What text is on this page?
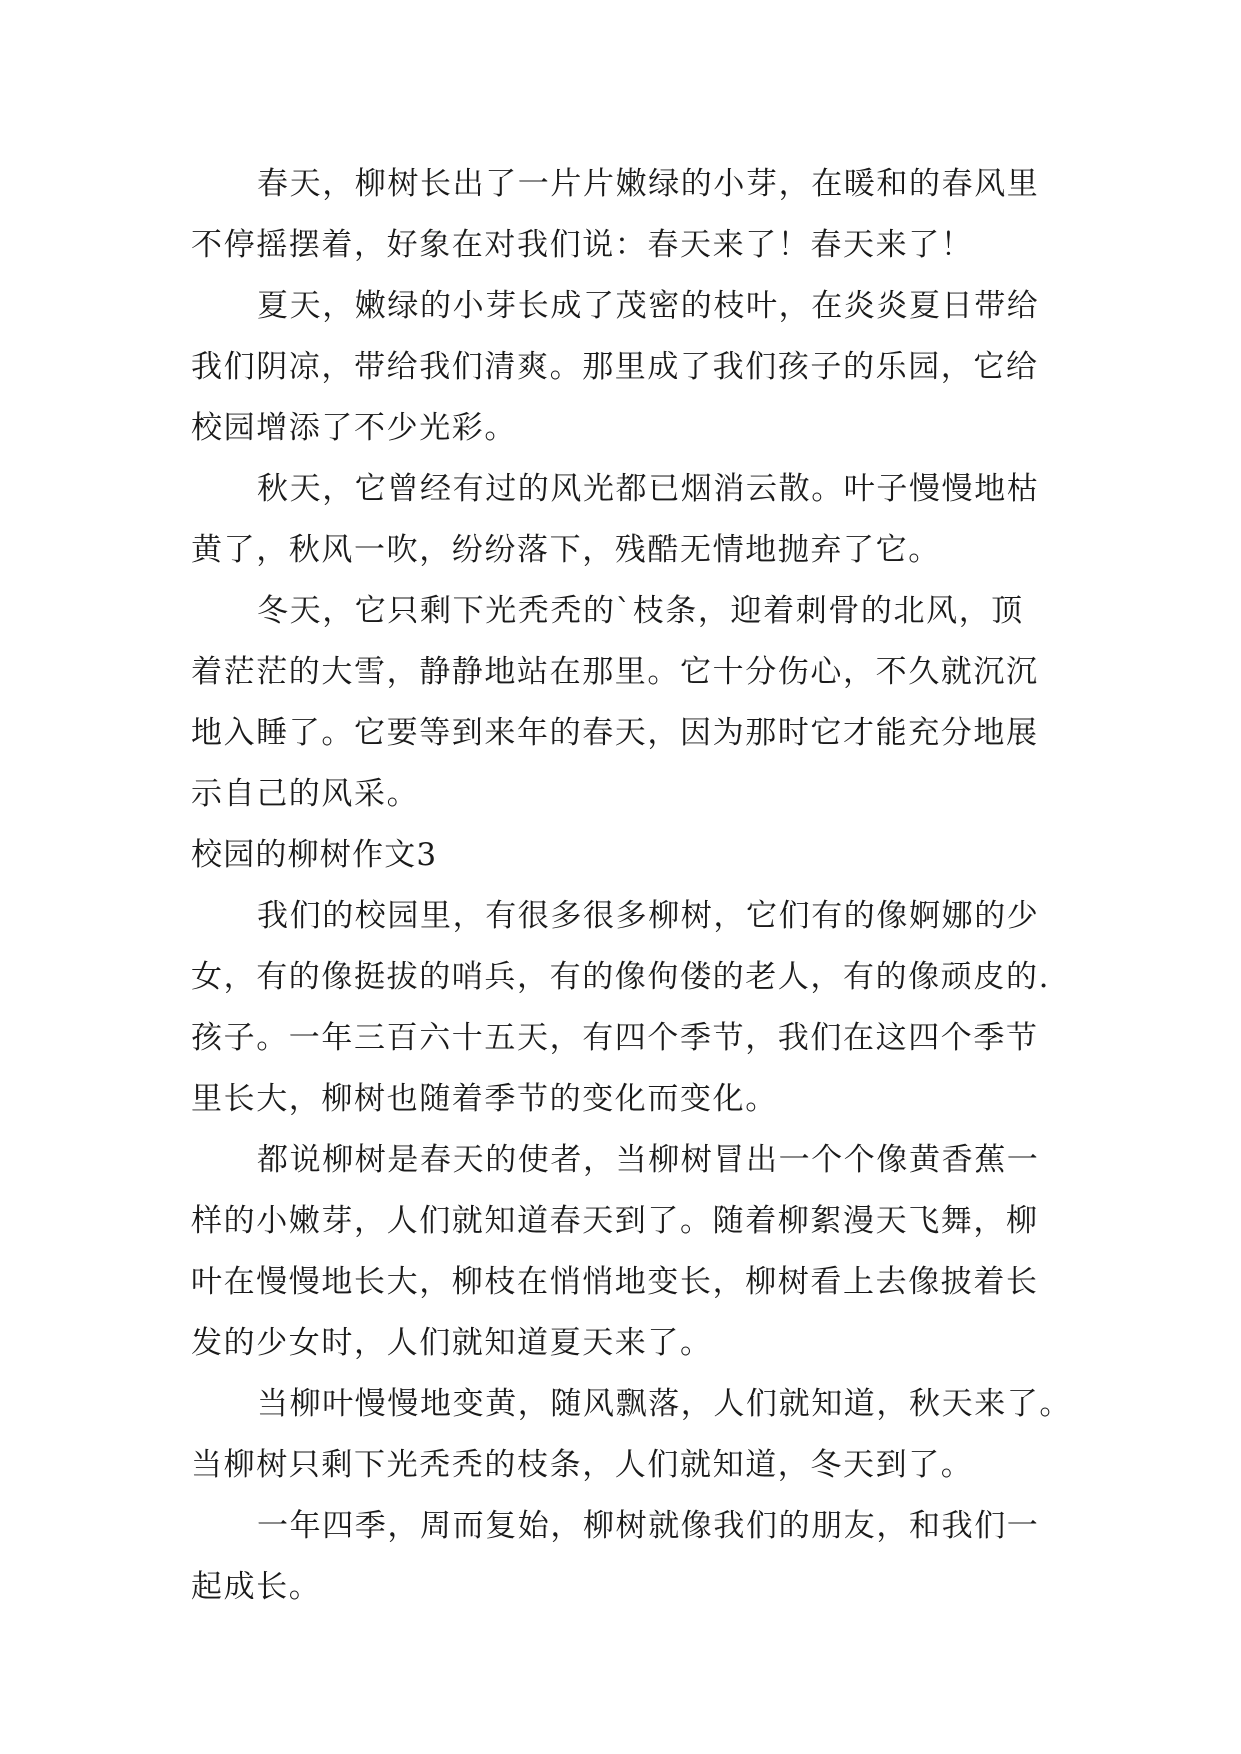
春天，柳树长出了一片片嫩绿的小芽，在暖和的春风里
不停摇摆着，好象在对我们说：春天来了！春天来了！
夏天，嫩绿的小芽长成了茂密的枝叶，在炎炎夏日带给
我们阴凉，带给我们清爽。那里成了我们孩子的乐园，它给
校园增添了不少光彩。
秋天，它曾经有过的风光都已烟消云散。叶子慢慢地枯
黄了，秋风一吹，纷纷落下，残酷无情地抛弃了它。
冬天，它只剩下光秃秃的`枝条，迎着刺骨的北风，顶
着茫茫的大雪，静静地站在那里。它十分伤心，不久就沉沉
地入睡了。它要等到来年的春天，因为那时它才能充分地展
示自己的风采。
校园的柳树作文3
我们的校园里，有很多很多柳树，它们有的像婀娜的少
女，有的像挺拔的哨兵，有的像佝偻的老人，有的像顽皮的.
孩子。一年三百六十五天，有四个季节，我们在这四个季节
里长大，柳树也随着季节的变化而变化。
都说柳树是春天的使者，当柳树冒出一个个像黄香蕉一
样的小嫩芽，人们就知道春天到了。随着柳絮漫天飞舞，柳
叶在慢慢地长大，柳枝在悄悄地变长，柳树看上去像披着长
发的少女时，人们就知道夏天来了。
当柳叶慢慢地变黄，随风飘落，人们就知道，秋天来了。
当柳树只剩下光秃秃的枝条，人们就知道，冬天到了。
一年四季，周而复始，柳树就像我们的朋友，和我们一
起成长。
